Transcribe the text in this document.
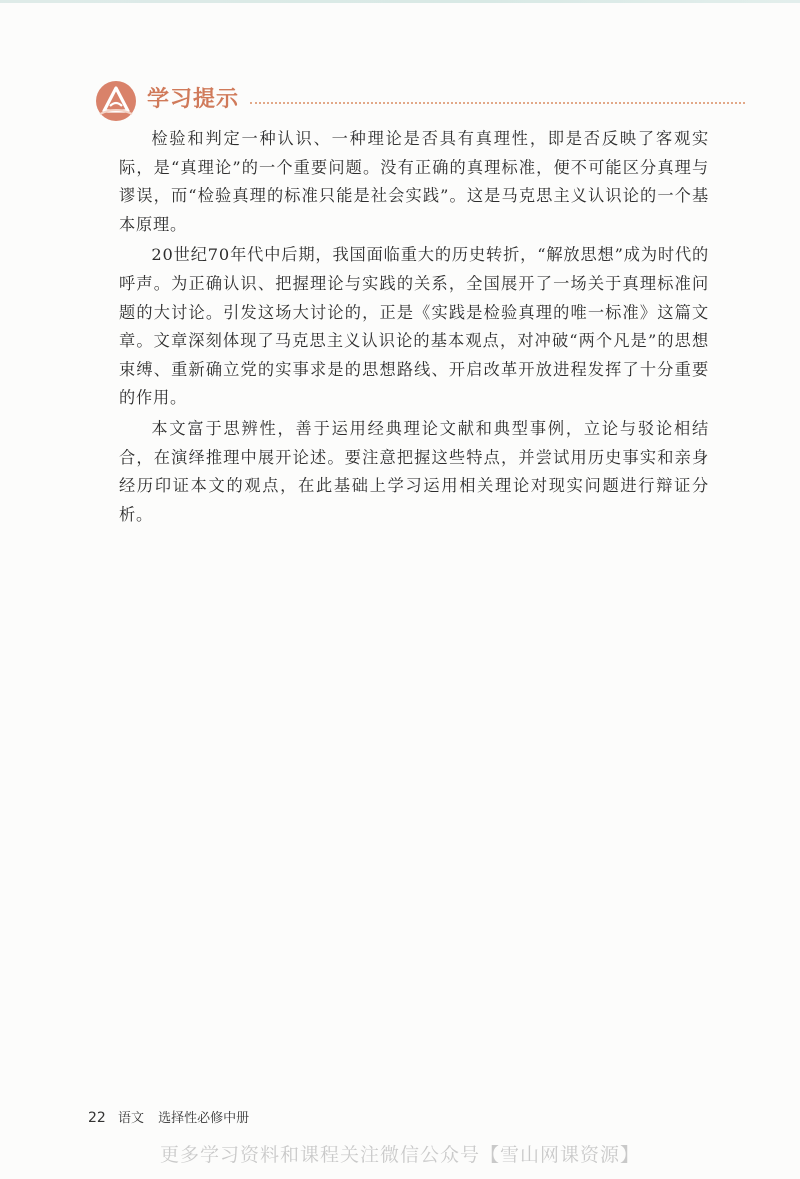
学习提示

检验和判定一种认识、一种理论是否具有真理性，即是否反映了客观实际，是“真理论”的一个重要问题。没有正确的真理标准，便不可能区分真理与谬误，而“检验真理的标准只能是社会实践”。这是马克思主义认识论的一个基本原理。

20世纪70年代中后期，我国面临重大的历史转折，“解放思想”成为时代的呼声。为正确认识、把握理论与实践的关系，全国展开了一场关于真理标准问题的大讨论。引发这场大讨论的，正是《实践是检验真理的唯一标准》这篇文章。文章深刻体现了马克思主义认识论的基本观点，对冲破“两个凡是”的思想束缚、重新确立党的实事求是的思想路线、开启改革开放进程发挥了十分重要的作用。

本文富于思辨性，善于运用经典理论文献和典型事例，立论与驳论相结合，在演绎推理中展开论述。要注意把握这些特点，并尝试用历史事实和亲身经历印证本文的观点，在此基础上学习运用相关理论对现实问题进行辩证分析。

22 语文 选择性必修中册
更多学习资料和课程关注微信公众号【雪山网课资源】
